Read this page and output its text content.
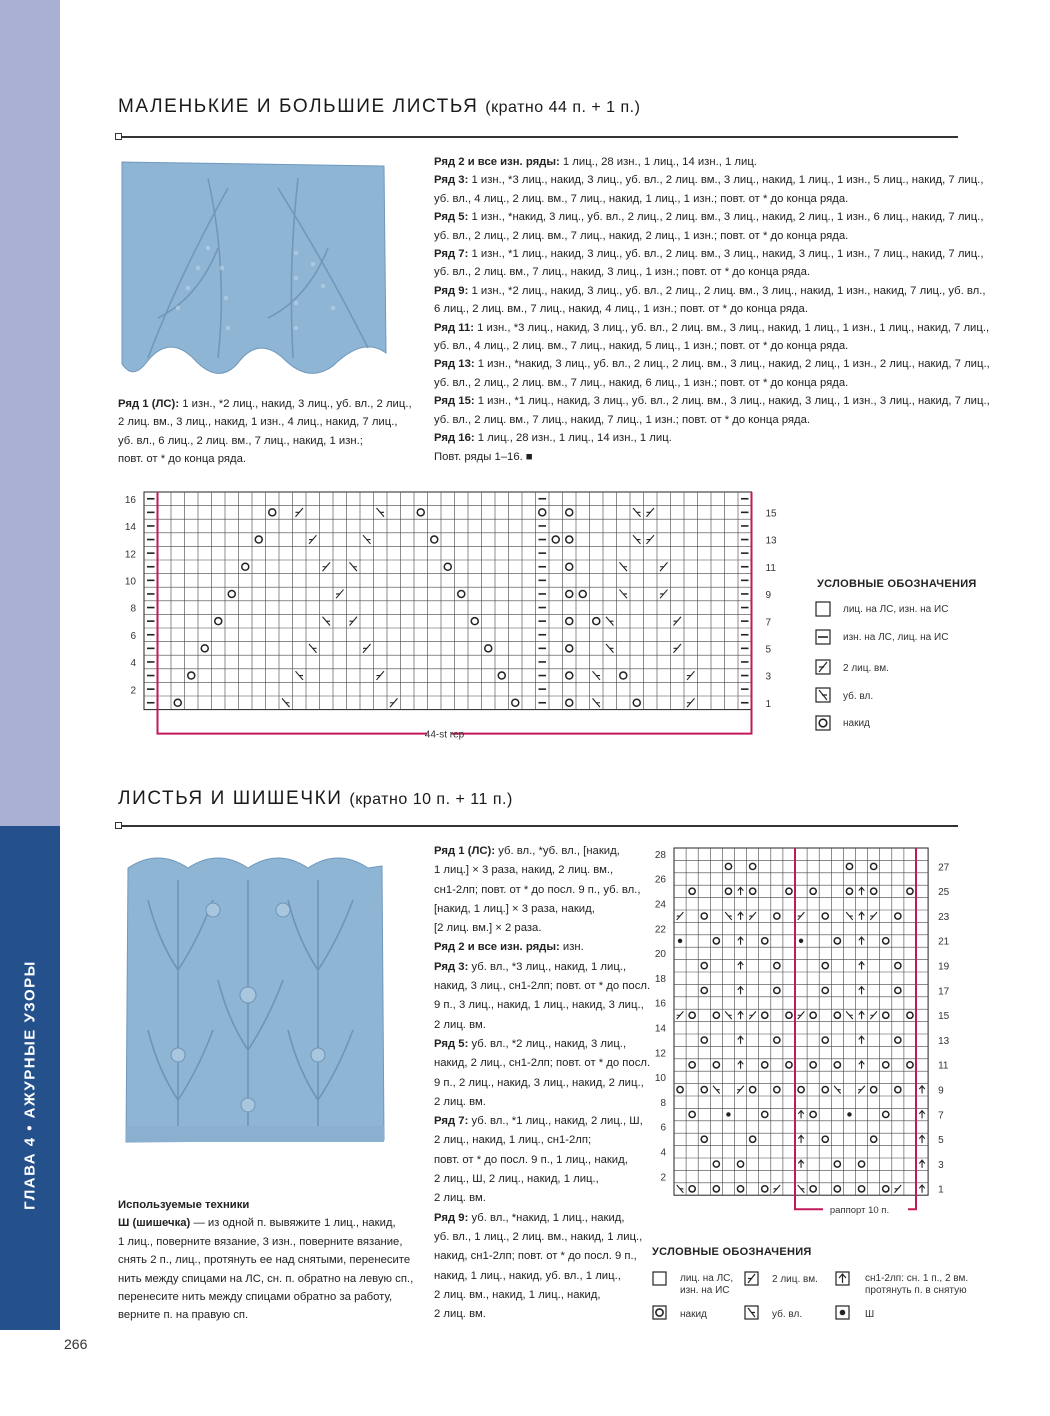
ГЛАВА 4 • АЖУРНЫЕ УЗОРЫ
266
МАЛЕНЬКИЕ И БОЛЬШИЕ ЛИСТЬЯ (кратно 44 п. + 1 п.)

Ряд 1 (ЛС): 1 изн., *2 лиц., накид, 3 лиц., уб. вл., 2 лиц.,

2 лиц. вм., 3 лиц., накид, 1 изн., 4 лиц., накид, 7 лиц.,

уб. вл., 6 лиц., 2 лиц. вм., 7 лиц., накид, 1 изн.;

повт. от * до конца ряда.

Ряд 2 и все изн. ряды: 1 лиц., 28 изн., 1 лиц., 14 изн., 1 лиц.

Ряд 3: 1 изн., *3 лиц., накид, 3 лиц., уб. вл., 2 лиц. вм., 3 лиц., накид, 1 лиц., 1 изн., 5 лиц., накид, 7 лиц.,

уб. вл., 4 лиц., 2 лиц. вм., 7 лиц., накид, 1 лиц., 1 изн.; повт. от * до конца ряда.

Ряд 5: 1 изн., *накид, 3 лиц., уб. вл., 2 лиц., 2 лиц. вм., 3 лиц., накид, 2 лиц., 1 изн., 6 лиц., накид, 7 лиц.,

уб. вл., 2 лиц., 2 лиц. вм., 7 лиц., накид, 2 лиц., 1 изн.; повт. от * до конца ряда.

Ряд 7: 1 изн., *1 лиц., накид, 3 лиц., уб. вл., 2 лиц. вм., 3 лиц., накид, 3 лиц., 1 изн., 7 лиц., накид, 7 лиц.,

уб. вл., 2 лиц. вм., 7 лиц., накид, 3 лиц., 1 изн.; повт. от * до конца ряда.

Ряд 9: 1 изн., *2 лиц., накид, 3 лиц., уб. вл., 2 лиц., 2 лиц. вм., 3 лиц., накид, 1 изн., накид, 7 лиц., уб. вл.,

6 лиц., 2 лиц. вм., 7 лиц., накид, 4 лиц., 1 изн.; повт. от * до конца ряда.

Ряд 11: 1 изн., *3 лиц., накид, 3 лиц., уб. вл., 2 лиц. вм., 3 лиц., накид, 1 лиц., 1 изн., 1 лиц., накид, 7 лиц.,

уб. вл., 4 лиц., 2 лиц. вм., 7 лиц., накид, 5 лиц., 1 изн.; повт. от * до конца ряда.

Ряд 13: 1 изн., *накид, 3 лиц., уб. вл., 2 лиц., 2 лиц. вм., 3 лиц., накид, 2 лиц., 1 изн., 2 лиц., накид, 7 лиц.,

уб. вл., 2 лиц., 2 лиц. вм., 7 лиц., накид, 6 лиц., 1 изн.; повт. от * до конца ряда.

Ряд 15: 1 изн., *1 лиц., накид, 3 лиц., уб. вл., 2 лиц. вм., 3 лиц., накид, 3 лиц., 1 изн., 3 лиц., накид, 7 лиц.,

уб. вл., 2 лиц. вм., 7 лиц., накид, 7 лиц., 1 изн.; повт. от * до конца ряда.

Ряд 16: 1 лиц., 28 изн., 1 лиц., 14 изн., 1 лиц.

Повт. ряды 1–16. ■

16
14
12
10
8
6
4
2
15
13
11
9
7
5
3
1
44-st rep
УСЛОВНЫЕ ОБОЗНАЧЕНИЯ
лиц. на ЛС, изн. на ИС
изн. на ЛС, лиц. на ИС
2 лиц. вм.
уб. вл.
накид
ЛИСТЬЯ И ШИШЕЧКИ (кратно 10 п. + 11 п.)

Используемые техники

Ш (шишечка) — из одной п. вывяжите 1 лиц., накид,

1 лиц., поверните вязание, 3 изн., поверните вязание,

снять 2 п., лиц., протянуть ее над снятыми, перенесите

нить между спицами на ЛС, сн. п. обратно на левую сп.,

перенесите нить между спицами обратно за работу,

верните п. на правую сп.

Ряд 1 (ЛС): уб. вл., *уб. вл., [накид,

1 лиц.] × 3 раза, накид, 2 лиц. вм.,

сн1-2лп; повт. от * до посл. 9 п., уб. вл.,

[накид, 1 лиц.] × 3 раза, накид,

[2 лиц. вм.] × 2 раза.

Ряд 2 и все изн. ряды: изн.

Ряд 3: уб. вл., *3 лиц., накид, 1 лиц.,

накид, 3 лиц., сн1-2лп; повт. от * до посл.

9 п., 3 лиц., накид, 1 лиц., накид, 3 лиц.,

2 лиц. вм.

Ряд 5: уб. вл., *2 лиц., накид, 3 лиц.,

накид, 2 лиц., сн1-2лп; повт. от * до посл.

9 п., 2 лиц., накид, 3 лиц., накид, 2 лиц.,

2 лиц. вм.

Ряд 7: уб. вл., *1 лиц., накид, 2 лиц., Ш,

2 лиц., накид, 1 лиц., сн1-2лп;

повт. от * до посл. 9 п., 1 лиц., накид,

2 лиц., Ш, 2 лиц., накид, 1 лиц.,

2 лиц. вм.

Ряд 9: уб. вл., *накид, 1 лиц., накид,

уб. вл., 1 лиц., 2 лиц. вм., накид, 1 лиц.,

накид, сн1-2лп; повт. от * до посл. 9 п.,

накид, 1 лиц., накид, уб. вл., 1 лиц.,

2 лиц. вм., накид, 1 лиц., накид,

2 лиц. вм.

28
26
24
22
20
18
16
14
12
10
8
6
4
2
27
25
23
21
19
17
15
13
11
9
7
5
3
1
раппорт 10 п.
УСЛОВНЫЕ ОБОЗНАЧЕНИЯ
лиц. на ЛС,
изн. на ИС
накид
2 лиц. вм.
уб. вл.
сн1-2лп: сн. 1 п., 2 вм.
протянуть п. в снятую
Ш
